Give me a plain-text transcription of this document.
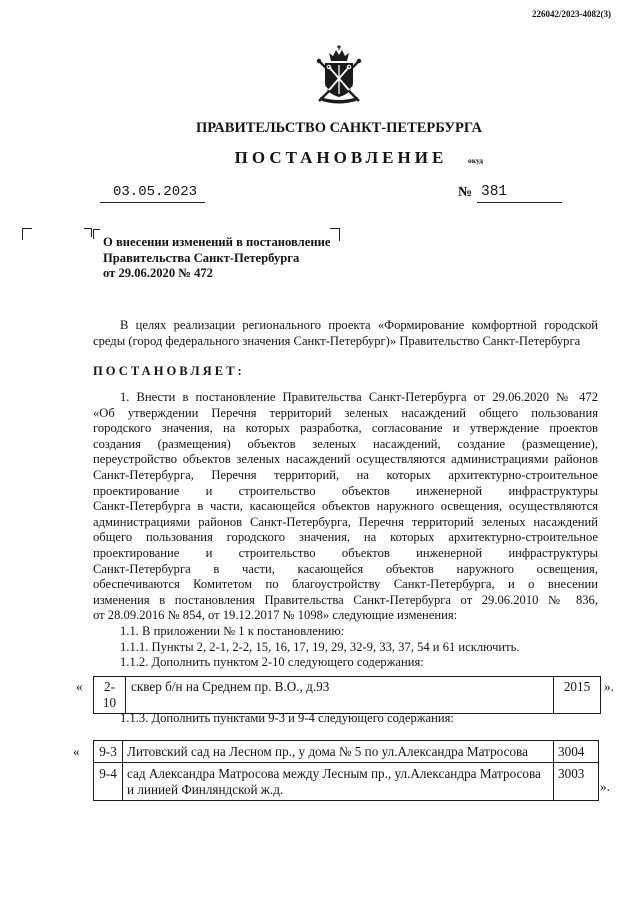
226042/2023-4082(3)
ПРАВИТЕЛЬСТВО САНКТ-ПЕТЕРБУРГА
ПОСТАНОВЛЕНИЕ	окуд
03.05.2023	№ 381
О внесении изменений в постановление
Правительства Санкт-Петербурга
от 29.06.2020 № 472
В целях реализации регионального проекта «Формирование комфортной городской
среды (город федерального значения Санкт-Петербург)» Правительство Санкт-Петербурга
ПОСТАНОВЛЯЕТ:
1. Внести в постановление Правительства Санкт-Петербурга от 29.06.2020 № 472
«Об утверждении Перечня территорий зеленых насаждений общего пользования
городского значения, на которых разработка, согласование и утверждение проектов
создания (размещения) объектов зеленых насаждений, создание (размещение),
переустройство объектов зеленых насаждений осуществляются администрациями районов
Санкт-Петербурга, Перечня территорий, на которых архитектурно-строительное
проектирование и строительство объектов инженерной инфраструктуры
Санкт-Петербурга в части, касающейся объектов наружного освещения, осуществляются
администрациями районов Санкт-Петербурга, Перечня территорий зеленых насаждений
общего пользования городского значения, на которых архитектурно-строительное
проектирование и строительство объектов инженерной инфраструктуры
Санкт-Петербурга в части, касающейся объектов наружного освещения,
обеспечиваются Комитетом по благоустройству Санкт-Петербурга, и о внесении
изменения в постановления Правительства Санкт-Петербурга от 29.06.2010 № 836,
от 28.09.2016 № 854, от 19.12.2017 № 1098» следующие изменения:
1.1. В приложении № 1 к постановлению:
1.1.1. Пункты 2, 2-1, 2-2, 15, 16, 17, 19, 29, 32-9, 33, 37, 54 и 61 исключить.
1.1.2. Дополнить пунктом 2-10 следующего содержания:
« 2-10	сквер б/н на Среднем пр. В.О., д.93	2015 ».
1.1.3. Дополнить пунктами 9-3 и 9-4 следующего содержания:
« 9-3	Литовский сад на Лесном пр., у дома № 5 по ул.Александра Матросова	3004
9-4	сад Александра Матросова между Лесным пр., ул.Александра Матросова и линией Финляндской ж.д.	3003
».
